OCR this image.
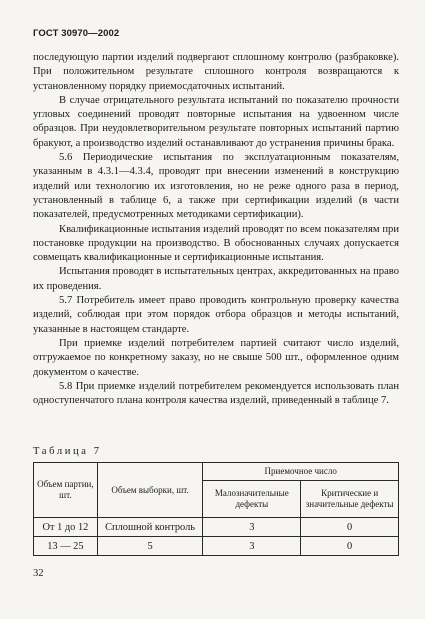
ГОСТ 30970—2002

последующую партии изделий подвергают сплошному контролю (разбраковке). При положительном результате сплошного контроля возвращаются к установленному порядку приемосдаточных испытаний.

В случае отрицательного результата испытаний по показателю прочности угловых соединений проводят повторные испытания на удвоенном числе образцов. При неудовлетворительном результате повторных испытаний партию бракуют, а производство изделий останавливают до устранения причины брака.

5.6 Периодические испытания по эксплуатационным показателям, указанным в 4.3.1—4.3.4, проводят при внесении изменений в конструкцию изделий или технологию их изготовления, но не реже одного раза в период, установленный в таблице 6, а также при сертификации изделий (в части показателей, предусмотренных методиками сертификации).

Квалификационные испытания изделий проводят по всем показателям при постановке продукции на производство. В обоснованных случаях допускается совмещать квалификационные и сертификационные испытания.

Испытания проводят в испытательных центрах, аккредитованных на право их проведения.

5.7 Потребитель имеет право проводить контрольную проверку качества изделий, соблюдая при этом порядок отбора образцов и методы испытаний, указанные в настоящем стандарте.

При приемке изделий потребителем партией считают число изделий, отгружаемое по конкретному заказу, но не свыше 500 шт., оформленное одним документом о качестве.

5.8 При приемке изделий потребителем рекомендуется использовать план одноступенчатого плана контроля качества изделий, приведенный в таблице 7.

Таблица 7
Объем партии, шт.	Объем выборки, шт.	Приемочное число	
		Малозначительные дефекты	Критические и значительные дефекты
От 1 до 12	Сплошной контроль	3	0
13 — 25	5	3	0
32
